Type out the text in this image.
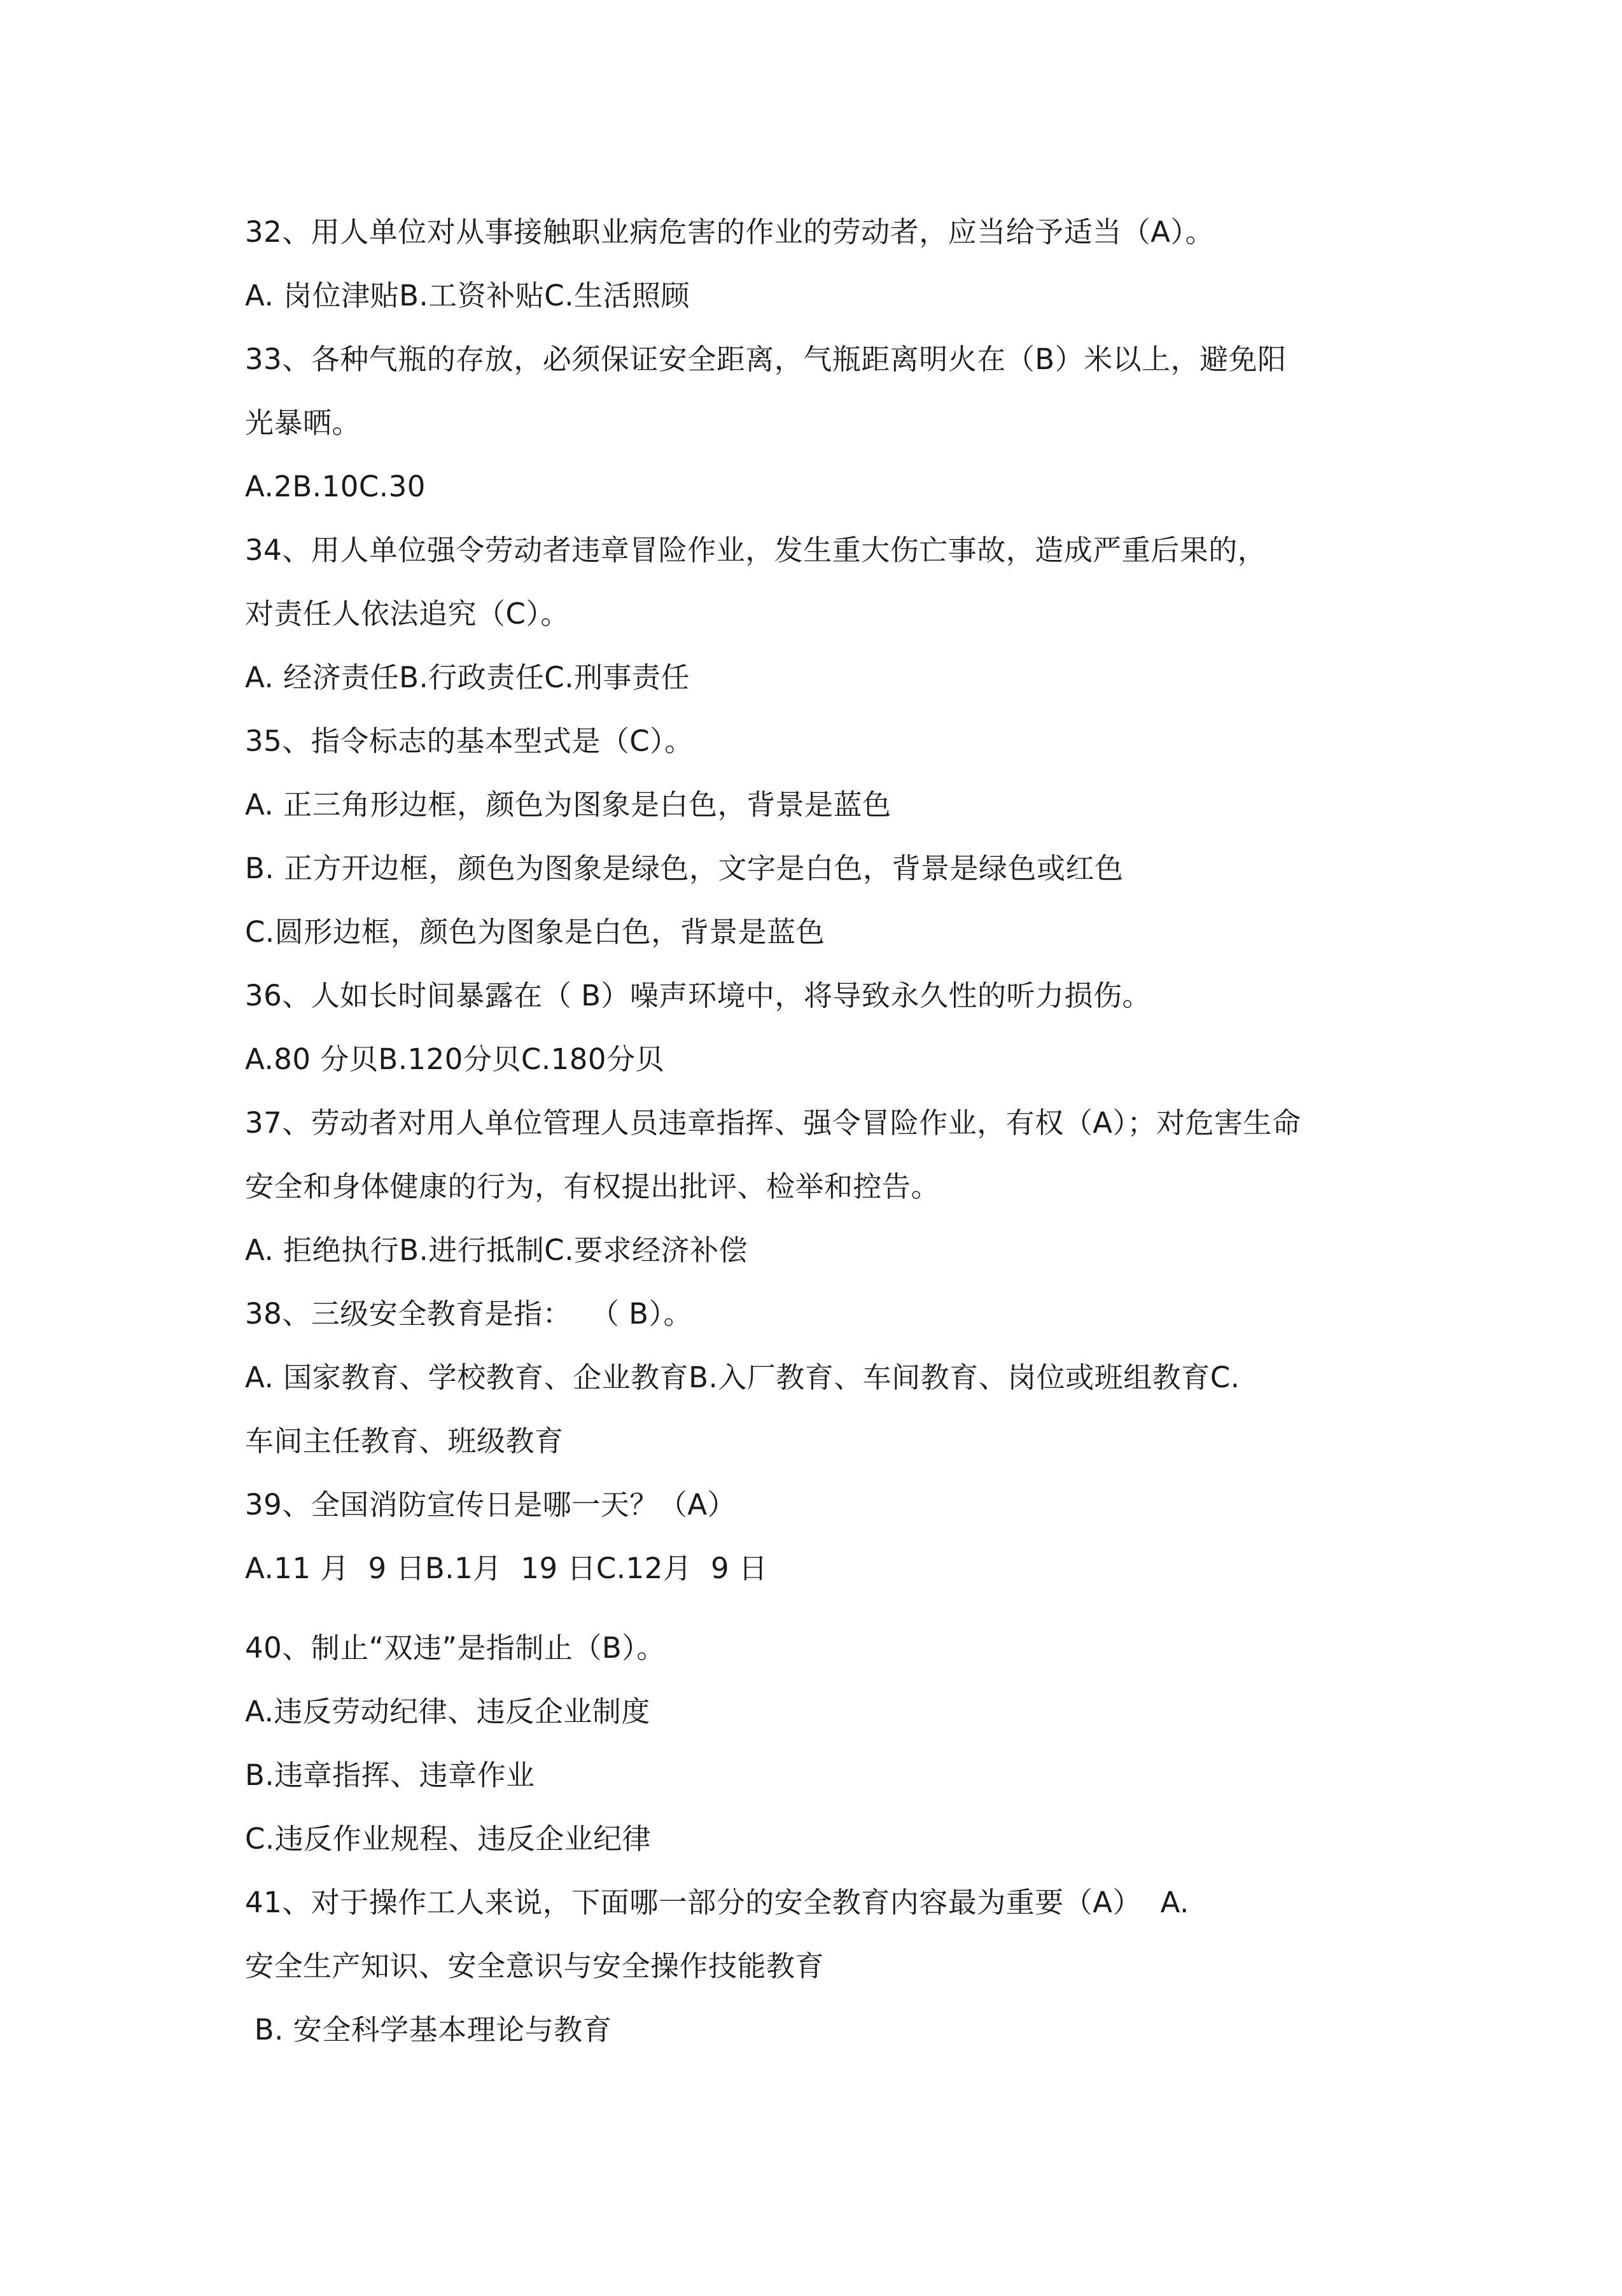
32、用人单位对从事接触职业病危害的作业的劳动者，应当给予适当（A）。
A. 岗位津贴B.工资补贴C.生活照顾
33、各种气瓶的存放，必须保证安全距离，气瓶距离明火在（B）米以上，避免阳
光暴晒。
A.2B.10C.30
34、用人单位强令劳动者违章冒险作业，发生重大伤亡事故，造成严重后果的，
对责任人依法追究（C）。
A. 经济责任B.行政责任C.刑事责任
35、指令标志的基本型式是（C）。
A. 正三角形边框，颜色为图象是白色，背景是蓝色
B. 正方开边框，颜色为图象是绿色，文字是白色，背景是绿色或红色
C.圆形边框，颜色为图象是白色，背景是蓝色
36、人如长时间暴露在（ B）噪声环境中，将导致永久性的听力损伤。
A.80 分贝B.120分贝C.180分贝
37、劳动者对用人单位管理人员违章指挥、强令冒险作业，有权（A）；对危害生命
安全和身体健康的行为，有权提出批评、检举和控告。
A. 拒绝执行B.进行抵制C.要求经济补偿
38、三级安全教育是指：  （ B）。
A. 国家教育、学校教育、企业教育B.入厂教育、车间教育、岗位或班组教育C.
车间主任教育、班级教育
39、全国消防宣传日是哪一天？（A）
A.11 月  9 日B.1月  19 日C.12月  9 日
40、制止“双违”是指制止（B）。
A.违反劳动纪律、违反企业制度
B.违章指挥、违章作业
C.违反作业规程、违反企业纪律
41、对于操作工人来说，下面哪一部分的安全教育内容最为重要（A）  A.
安全生产知识、安全意识与安全操作技能教育
B. 安全科学基本理论与教育
